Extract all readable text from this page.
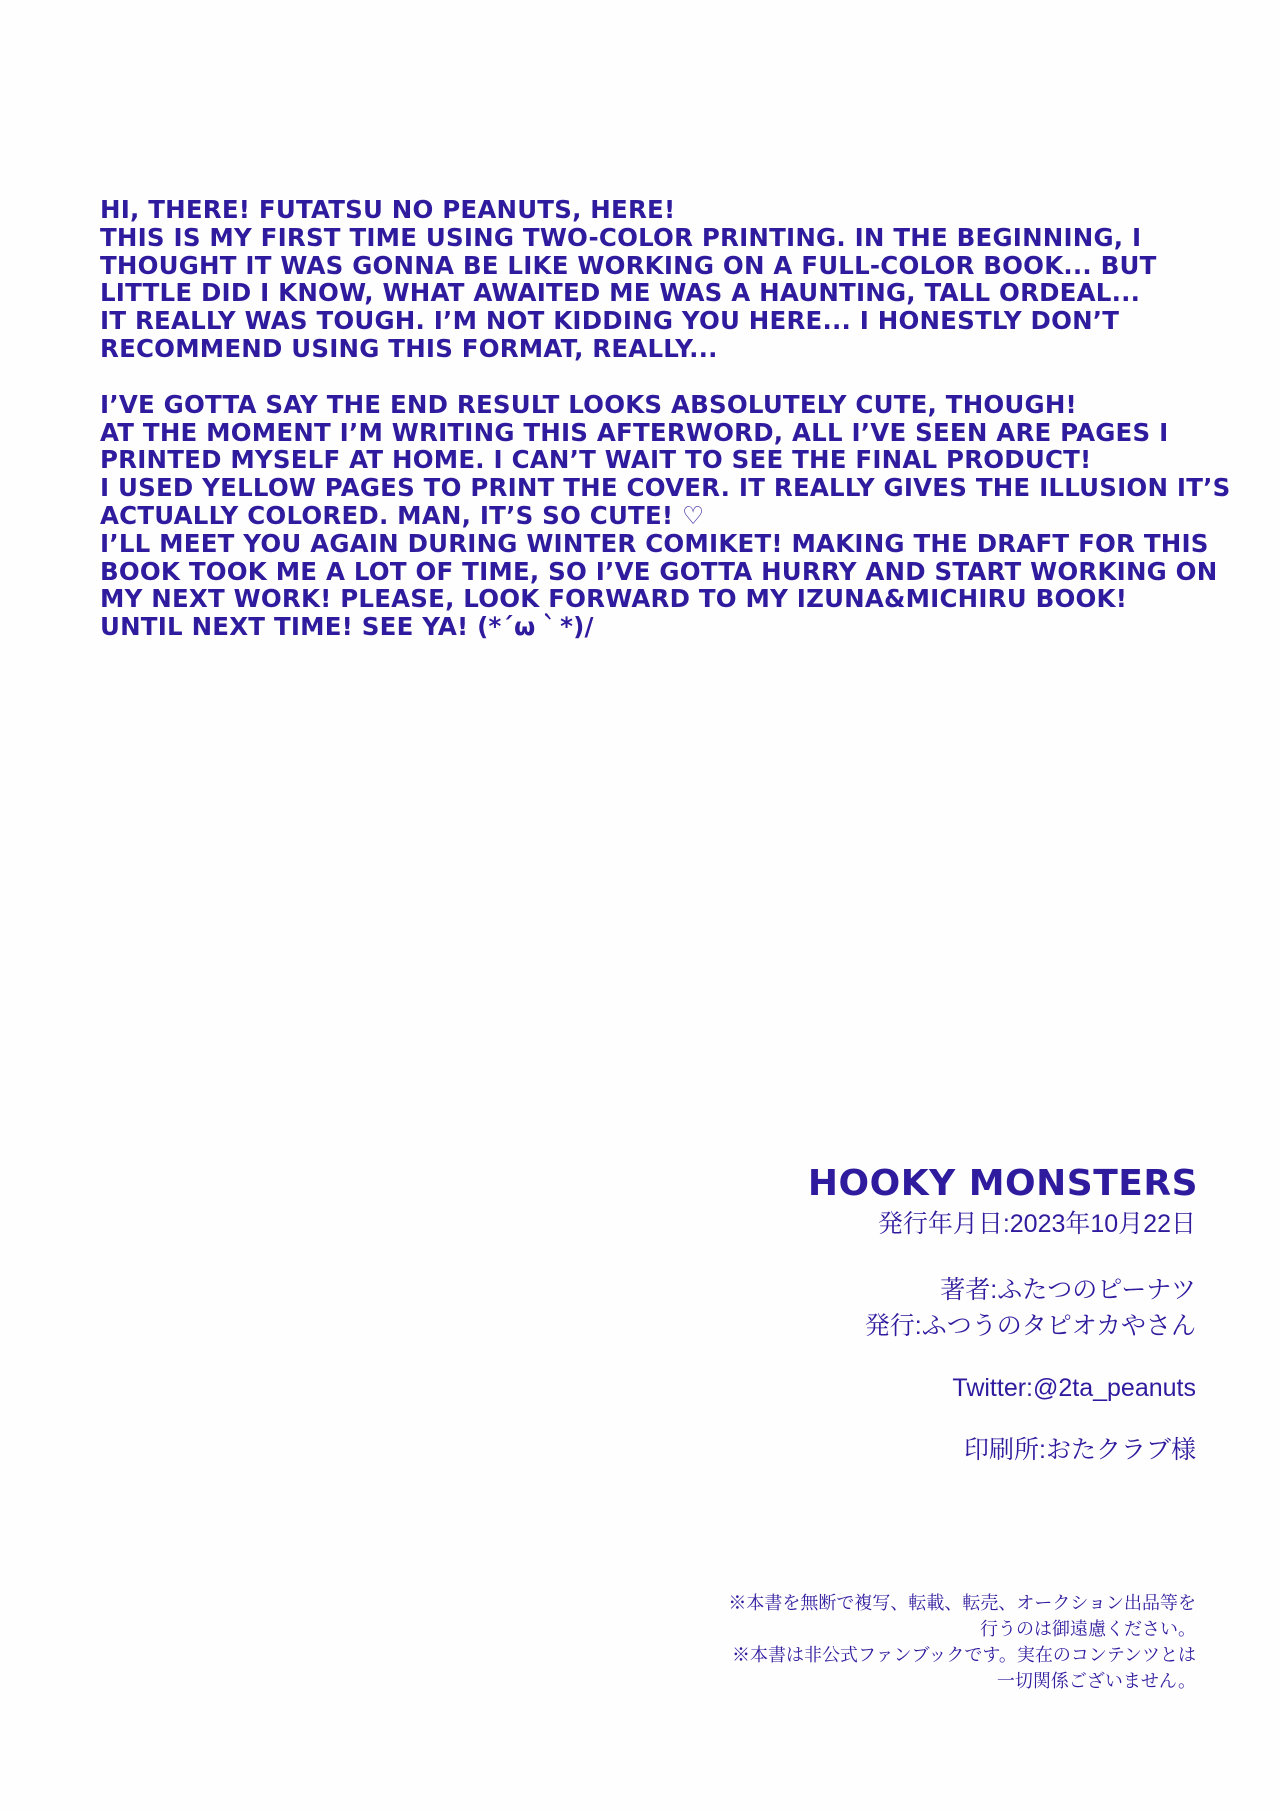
HI, THERE! FUTATSU NO PEANUTS, HERE!
THIS IS MY FIRST TIME USING TWO-COLOR PRINTING. IN THE BEGINNING, I
THOUGHT IT WAS GONNA BE LIKE WORKING ON A FULL-COLOR BOOK... BUT
LITTLE DID I KNOW, WHAT AWAITED ME WAS A HAUNTING, TALL ORDEAL...
IT REALLY WAS TOUGH. I’M NOT KIDDING YOU HERE... I HONESTLY DON’T
RECOMMEND USING THIS FORMAT, REALLY...
I’VE GOTTA SAY THE END RESULT LOOKS ABSOLUTELY CUTE, THOUGH!
AT THE MOMENT I’M WRITING THIS AFTERWORD, ALL I’VE SEEN ARE PAGES I
PRINTED MYSELF AT HOME. I CAN’T WAIT TO SEE THE FINAL PRODUCT!
I USED YELLOW PAGES TO PRINT THE COVER. IT REALLY GIVES THE ILLUSION IT’S
ACTUALLY COLORED. MAN, IT’S SO CUTE! ♡
I’LL MEET YOU AGAIN DURING WINTER COMIKET! MAKING THE DRAFT FOR THIS
BOOK TOOK ME A LOT OF TIME, SO I’VE GOTTA HURRY AND START WORKING ON
MY NEXT WORK! PLEASE, LOOK FORWARD TO MY IZUNA&MICHIRU BOOK!
UNTIL NEXT TIME! SEE YA! (*´ω｀*)/
HOOKY MONSTERS
発行年月日:2023年10月22日
著者:ふたつのピーナツ
発行:ふつうのタピオカやさん
Twitter:@2ta_peanuts
印刷所:おたクラブ様
※本書を無断で複写、転載、転売、オークション出品等を
行うのは御遠慮ください。
※本書は非公式ファンブックです。実在のコンテンツとは
一切関係ございません。
